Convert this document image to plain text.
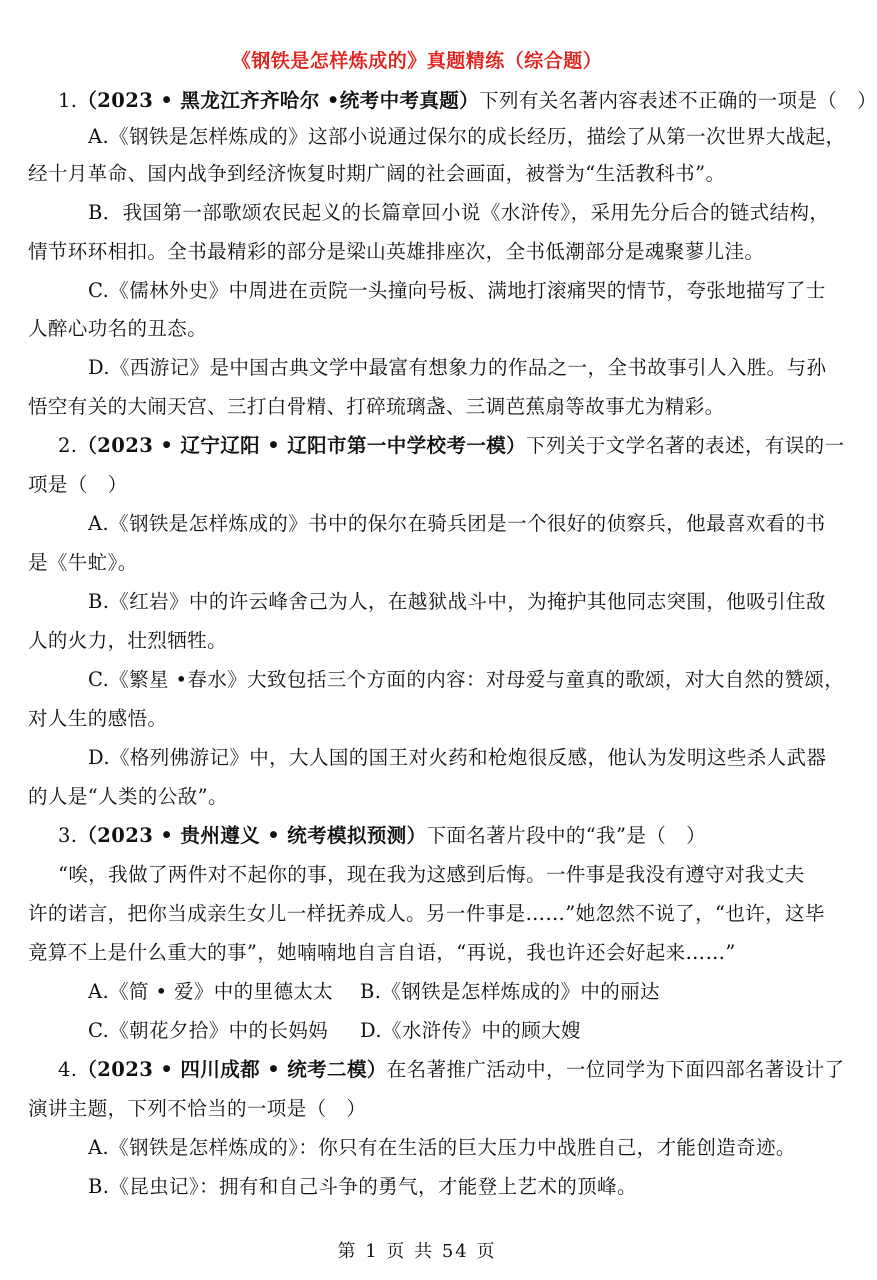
《钢铁是怎样炼成的》真题精练（综合题）
1.（2023 • 黑龙江齐齐哈尔 •统考中考真题）下列有关名著内容表述不正确的一项是（　）
A.《钢铁是怎样炼成的》这部小说通过保尔的成长经历，描绘了从第一次世界大战起，
经十月革命、国内战争到经济恢复时期广阔的社会画面，被誉为“生活教科书”。
B．我国第一部歌颂农民起义的长篇章回小说《水浒传》，采用先分后合的链式结构，
情节环环相扣。全书最精彩的部分是梁山英雄排座次，全书低潮部分是魂聚蓼儿洼。
C.《儒林外史》中周进在贡院一头撞向号板、满地打滚痛哭的情节，夸张地描写了士
人醉心功名的丑态。
D.《西游记》是中国古典文学中最富有想象力的作品之一，全书故事引人入胜。与孙
悟空有关的大闹天宫、三打白骨精、打碎琉璃盏、三调芭蕉扇等故事尤为精彩。
2.（2023 • 辽宁辽阳 • 辽阳市第一中学校考一模）下列关于文学名著的表述，有误的一
项是（　）
A.《钢铁是怎样炼成的》书中的保尔在骑兵团是一个很好的侦察兵，他最喜欢看的书
是《牛虻》。
B.《红岩》中的许云峰舍己为人，在越狱战斗中，为掩护其他同志突围，他吸引住敌
人的火力，壮烈牺牲。
C.《繁星 •春水》大致包括三个方面的内容：对母爱与童真的歌颂，对大自然的赞颂，
对人生的感悟。
D.《格列佛游记》中，大人国的国王对火药和枪炮很反感，他认为发明这些杀人武器
的人是“人类的公敌”。
3.（2023 • 贵州遵义 • 统考模拟预测）下面名著片段中的“我”是（　）
“唉，我做了两件对不起你的事，现在我为这感到后悔。一件事是我没有遵守对我丈夫
许的诺言，把你当成亲生女儿一样抚养成人。另一件事是……”她忽然不说了，“也许，这毕
竟算不上是什么重大的事”，她喃喃地自言自语，“再说，我也许还会好起来……”
A.《简 • 爱》中的里德太太 B.《钢铁是怎样炼成的》中的丽达
C.《朝花夕拾》中的长妈妈 D.《水浒传》中的顾大嫂
4.（2023 • 四川成都 • 统考二模）在名著推广活动中，一位同学为下面四部名著设计了
演讲主题，下列不恰当的一项是（　）
A.《钢铁是怎样炼成的》：你只有在生活的巨大压力中战胜自己，才能创造奇迹。
B.《昆虫记》：拥有和自己斗争的勇气，才能登上艺术的顶峰。
第 1 页 共 54 页
